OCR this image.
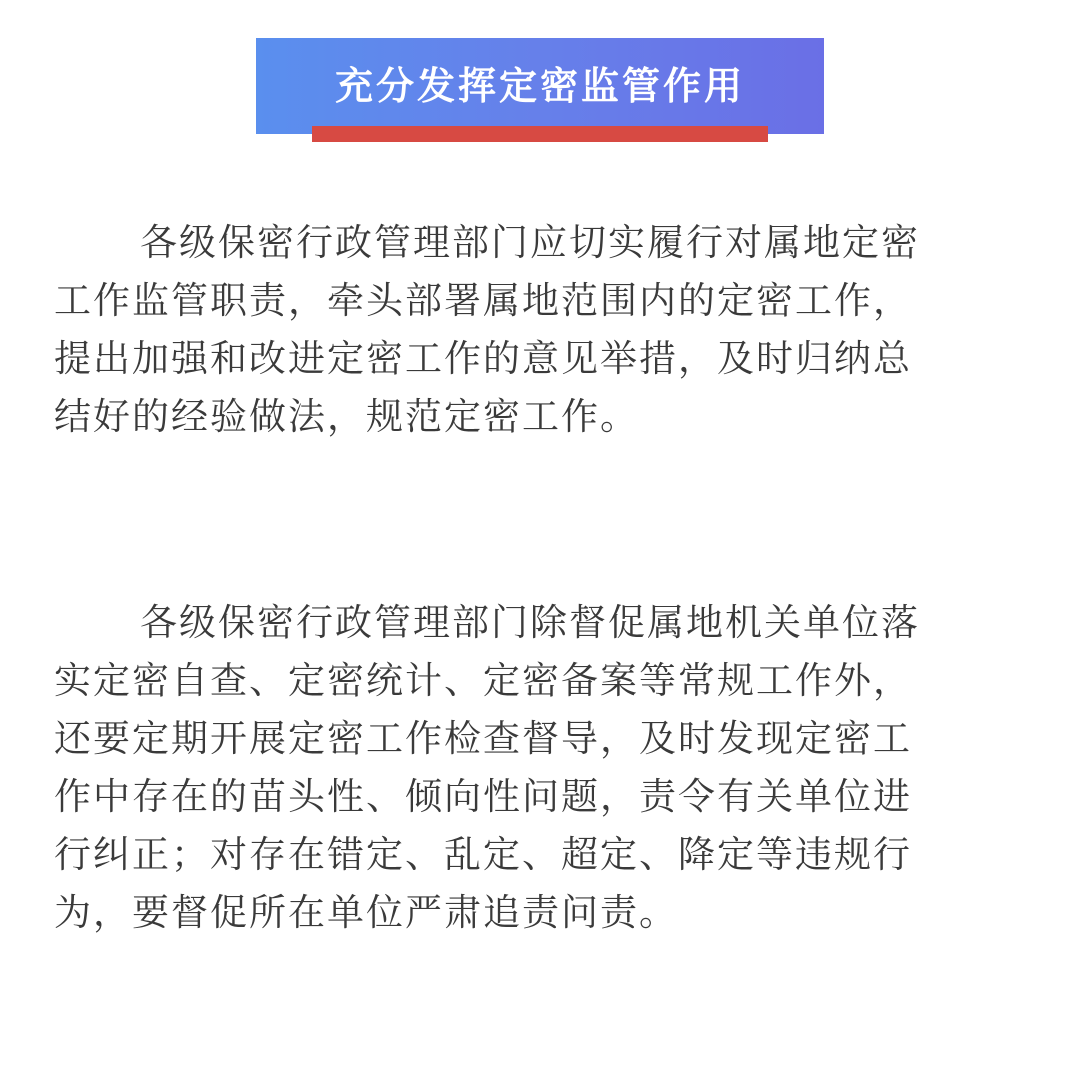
充分发挥定密监管作用
各级保密行政管理部门应切实履行对属地定密
工作监管职责，牵头部署属地范围内的定密工作，
提出加强和改进定密工作的意见举措，及时归纳总
结好的经验做法，规范定密工作。
各级保密行政管理部门除督促属地机关单位落
实定密自查、定密统计、定密备案等常规工作外，
还要定期开展定密工作检查督导，及时发现定密工
作中存在的苗头性、倾向性问题，责令有关单位进
行纠正；对存在错定、乱定、超定、降定等违规行
为，要督促所在单位严肃追责问责。
